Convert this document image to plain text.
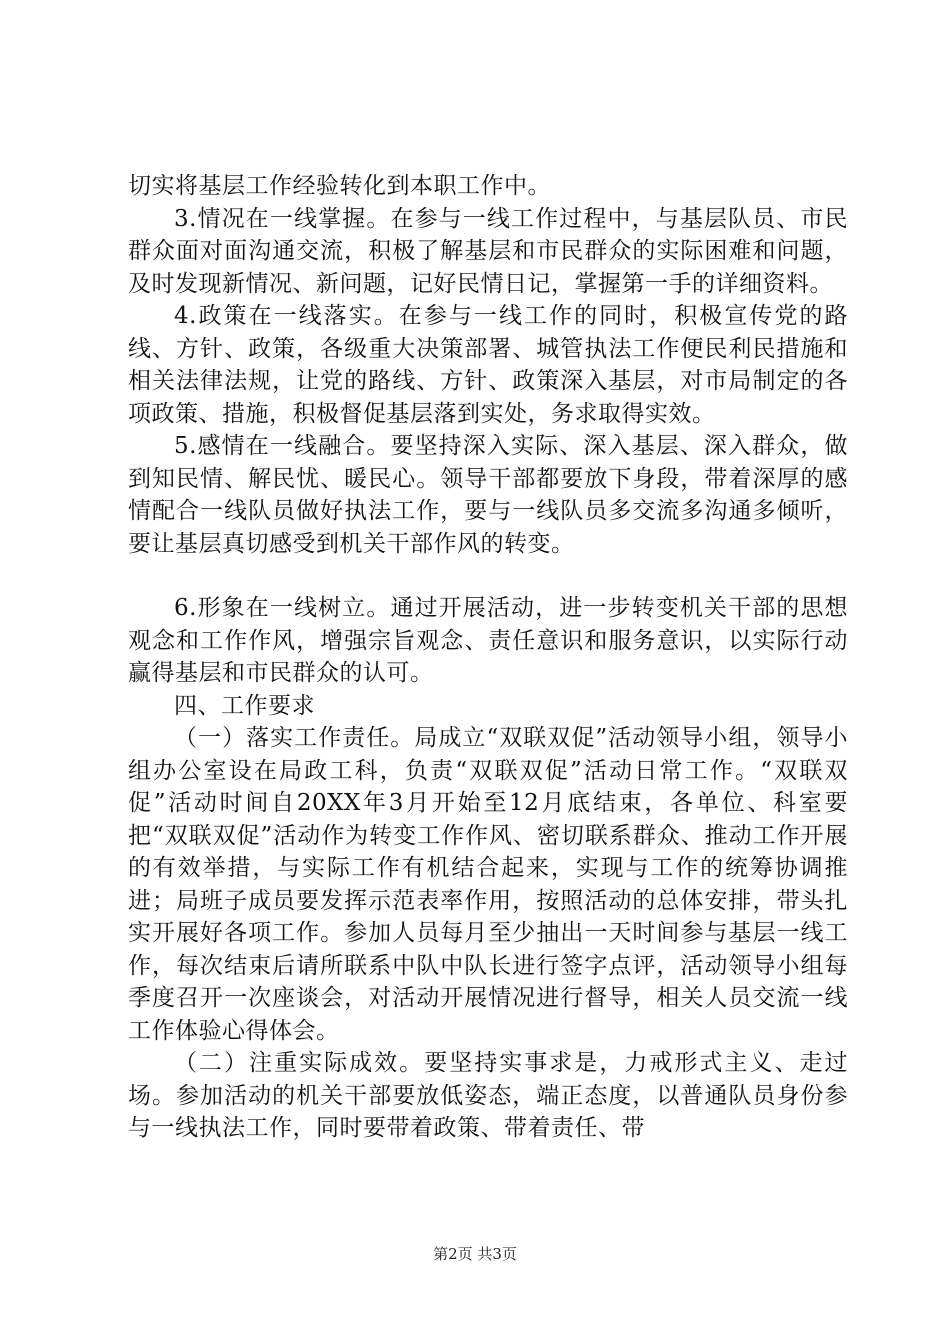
切实将基层工作经验转化到本职工作中。

3.情况在一线掌握。在参与一线工作过程中，与基层队员、市民群众面对面沟通交流，积极了解基层和市民群众的实际困难和问题，及时发现新情况、新问题，记好民情日记，掌握第一手的详细资料。

4.政策在一线落实。在参与一线工作的同时，积极宣传党的路线、方针、政策，各级重大决策部署、城管执法工作便民利民措施和相关法律法规，让党的路线、方针、政策深入基层，对市局制定的各项政策、措施，积极督促基层落到实处，务求取得实效。

5.感情在一线融合。要坚持深入实际、深入基层、深入群众，做到知民情、解民忧、暖民心。领导干部都要放下身段，带着深厚的感情配合一线队员做好执法工作，要与一线队员多交流多沟通多倾听，要让基层真切感受到机关干部作风的转变。

6.形象在一线树立。通过开展活动，进一步转变机关干部的思想观念和工作作风，增强宗旨观念、责任意识和服务意识，以实际行动赢得基层和市民群众的认可。

四、工作要求

（一）落实工作责任。局成立“双联双促”活动领导小组，领导小组办公室设在局政工科，负责“双联双促”活动日常工作。“双联双促”活动时间自20XX年3月开始至12月底结束，各单位、科室要把“双联双促”活动作为转变工作作风、密切联系群众、推动工作开展的有效举措，与实际工作有机结合起来，实现与工作的统筹协调推进；局班子成员要发挥示范表率作用，按照活动的总体安排，带头扎实开展好各项工作。参加人员每月至少抽出一天时间参与基层一线工作，每次结束后请所联系中队中队长进行签字点评，活动领导小组每季度召开一次座谈会，对活动开展情况进行督导，相关人员交流一线工作体验心得体会。

（二）注重实际成效。要坚持实事求是，力戒形式主义、走过场。参加活动的机关干部要放低姿态，端正态度，以普通队员身份参与一线执法工作，同时要带着政策、带着责任、带

第2页 共3页
